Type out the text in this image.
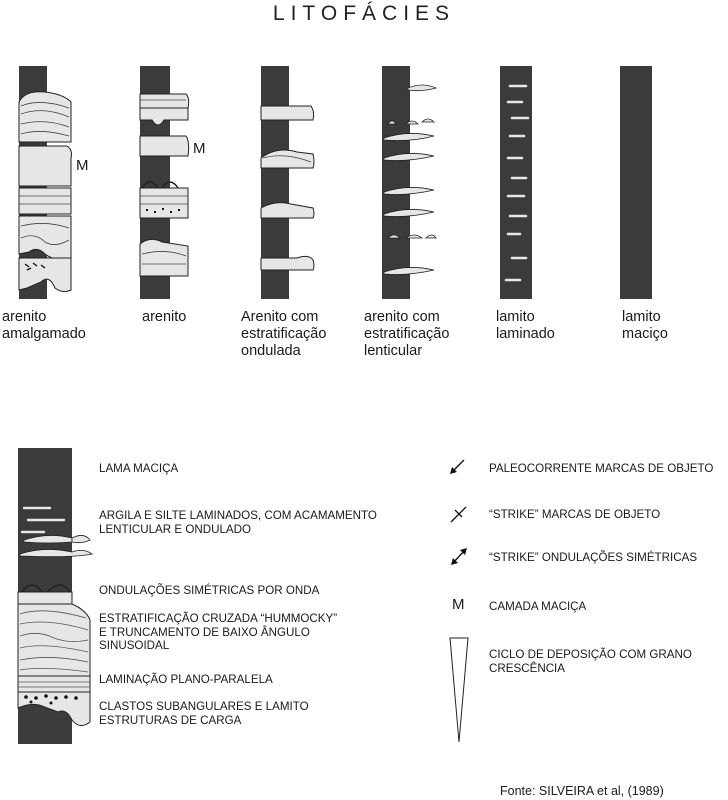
LITOFÁCIES
arenito
amalgamado
M
arenito
M
Arenito com
estratificação
ondulada
arenito com
estratificação
lenticular
lamito
laminado
lamito
maciço
LAMA MACIÇA
ARGILA E SILTE LAMINADOS, COM ACAMAMENTO
LENTICULAR E ONDULADO
ONDULAÇÕES SIMÉTRICAS POR ONDA
ESTRATIFICAÇÃO CRUZADA “HUMMOCKY”
E TRUNCAMENTO DE BAIXO ÂNGULO
SINUSOIDAL
LAMINAÇÃO PLANO-PARALELA
CLASTOS SUBANGULARES E LAMITO
ESTRUTURAS DE CARGA
PALEOCORRENTE MARCAS DE OBJETO
“STRIKE” MARCAS DE OBJETO
“STRIKE” ONDULAÇÕES SIMÉTRICAS
M CAMADA MACIÇA
CICLO DE DEPOSIÇÃO COM GRANO
CRESCÊNCIA
Fonte: SILVEIRA et al, (1989)
